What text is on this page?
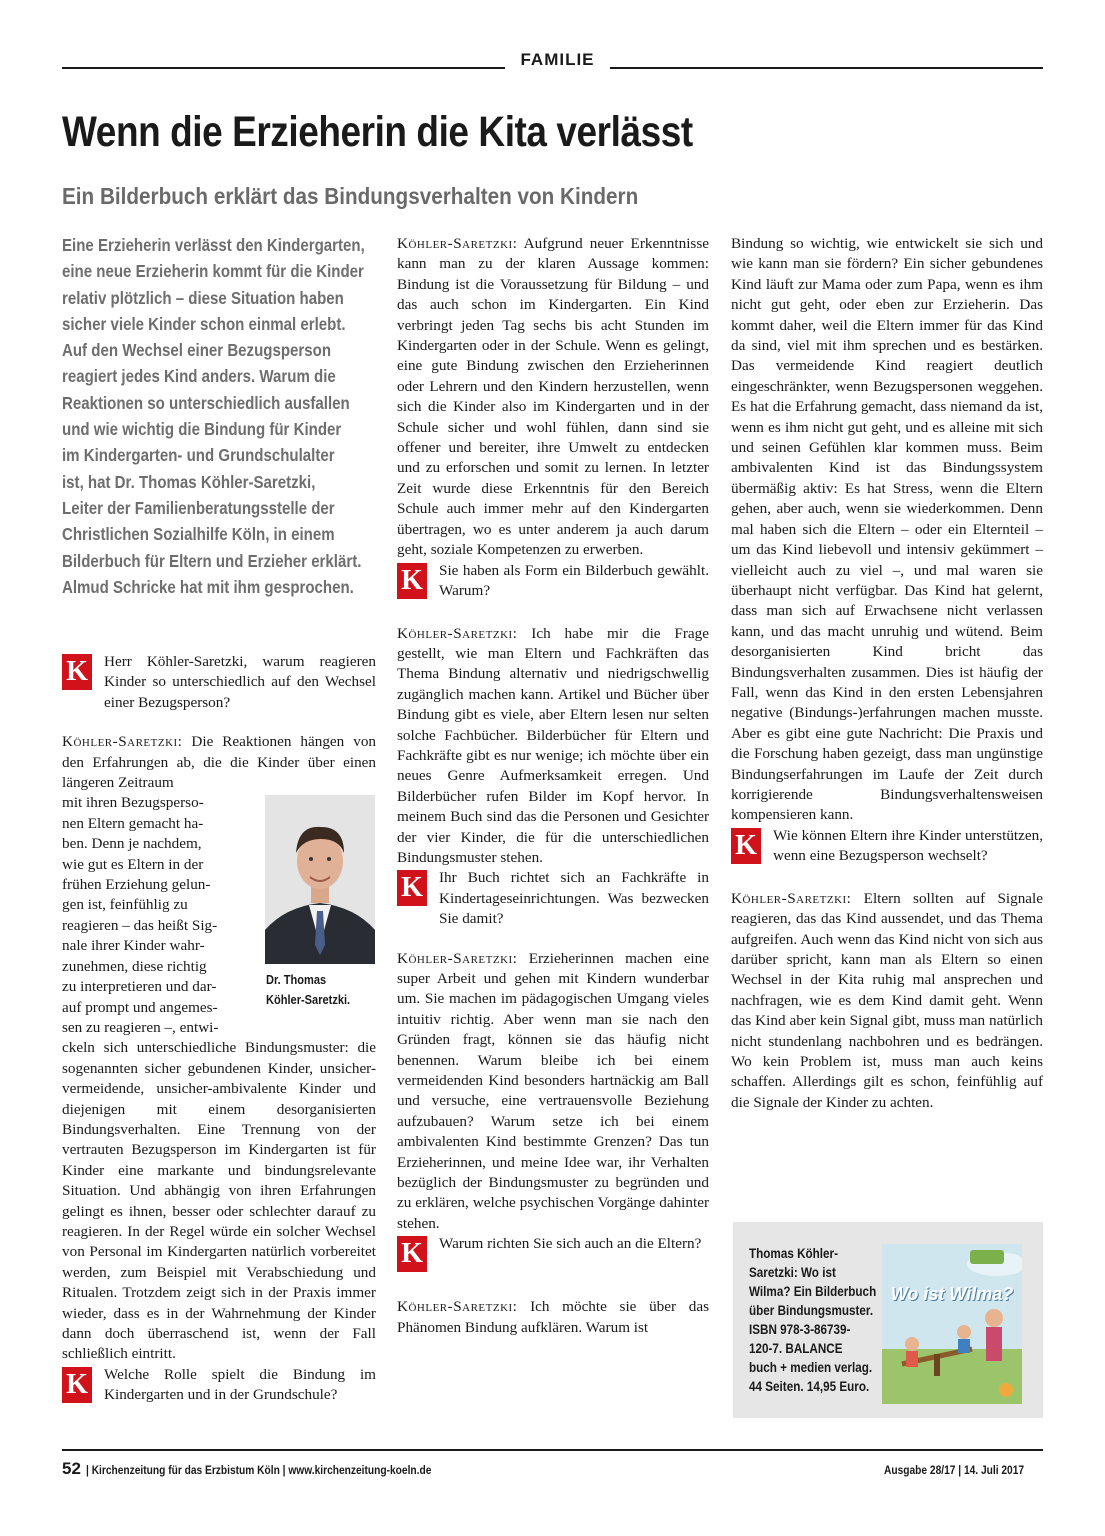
FAMILIE
Wenn die Erzieherin die Kita verlässt
Ein Bilderbuch erklärt das Bindungsverhalten von Kindern

Eine Erzieherin verlässt den Kindergarten,

eine neue Erzieherin kommt für die Kinder

relativ plötzlich – diese Situation haben

sicher viele Kinder schon einmal erlebt.

Auf den Wechsel einer Bezugsperson

reagiert jedes Kind anders. Warum die

Reaktionen so unterschiedlich ausfallen

und wie wichtig die Bindung für Kinder

im Kindergarten- und Grundschulalter

ist, hat Dr. Thomas Köhler-Saretzki,

Leiter der Familienberatungsstelle der

Christlichen Sozialhilfe Köln, in einem

Bilderbuch für Eltern und Erzieher erklärt.

Almud Schricke hat mit ihm gesprochen.

K Herr Köhler-Saretzki, warum reagieren Kinder so unterschiedlich auf den Wechsel einer Bezugsperson?

Köhler-Saretzki: Die Reaktionen hängen von den Erfahrungen ab, die die Kinder über einen längeren Zeitraum

mit ihren Bezugsperso-

nen Eltern gemacht ha-

ben. Denn je nachdem,

wie gut es Eltern in der

frühen Erziehung gelun-

gen ist, feinfühlig zu

reagieren – das heißt Sig-

nale ihrer Kinder wahr-

zunehmen, diese richtig

zu interpretieren und dar-

auf prompt und angemes-

sen zu reagieren –, entwi-

ckeln sich unterschiedliche Bindungsmuster: die sogenannten sicher gebundenen Kinder, unsicher-vermeidende, unsicher-ambivalente Kinder und diejenigen mit einem desorganisierten Bindungsverhalten. Eine Trennung von der vertrauten Bezugsperson im Kindergarten ist für Kinder eine markante und bindungsrelevante Situation. Und abhängig von ihren Erfahrungen gelingt es ihnen, besser oder schlechter darauf zu reagieren. In der Regel würde ein solcher Wechsel von Personal im Kindergarten natürlich vorbereitet werden, zum Beispiel mit Verabschiedung und Ritualen. Trotzdem zeigt sich in der Praxis immer wieder, dass es in der Wahrnehmung der Kinder dann doch überraschend ist, wenn der Fall schließlich eintritt.

K Welche Rolle spielt die Bindung im Kindergarten und in der Grundschule?
Dr. Thomas
Köhler-Saretzki.

Köhler-Saretzki: Aufgrund neuer Erkenntnisse kann man zu der klaren Aussage kommen: Bindung ist die Voraussetzung für Bildung – und das auch schon im Kindergarten. Ein Kind verbringt jeden Tag sechs bis acht Stunden im Kindergarten oder in der Schule. Wenn es gelingt, eine gute Bindung zwischen den Erzieherinnen oder Lehrern und den Kindern herzustellen, wenn sich die Kinder also im Kindergarten und in der Schule sicher und wohl fühlen, dann sind sie offener und bereiter, ihre Umwelt zu entdecken und zu erforschen und somit zu lernen. In letzter Zeit wurde diese Erkenntnis für den Bereich Schule auch immer mehr auf den Kindergarten übertragen, wo es unter anderem ja auch darum geht, soziale Kompetenzen zu erwerben.

K Sie haben als Form ein Bilderbuch gewählt. Warum?

Köhler-Saretzki: Ich habe mir die Frage gestellt, wie man Eltern und Fachkräften das Thema Bindung alternativ und niedrigschwellig zugänglich machen kann. Artikel und Bücher über Bindung gibt es viele, aber Eltern lesen nur selten solche Fachbücher. Bilderbücher für Eltern und Fachkräfte gibt es nur wenige; ich möchte über ein neues Genre Aufmerksamkeit erregen. Und Bilderbücher rufen Bilder im Kopf hervor. In meinem Buch sind das die Personen und Gesichter der vier Kinder, die für die unterschiedlichen Bindungsmuster stehen.

K Ihr Buch richtet sich an Fachkräfte in Kindertageseinrichtungen. Was bezwecken Sie damit?

Köhler-Saretzki: Erzieherinnen machen eine super Arbeit und gehen mit Kindern wunderbar um. Sie machen im pädagogischen Umgang vieles intuitiv richtig. Aber wenn man sie nach den Gründen fragt, können sie das häufig nicht benennen. Warum bleibe ich bei einem vermeidenden Kind besonders hartnäckig am Ball und versuche, eine vertrauensvolle Beziehung aufzubauen? Warum setze ich bei einem ambivalenten Kind bestimmte Grenzen? Das tun Erzieherinnen, und meine Idee war, ihr Verhalten bezüglich der Bindungsmuster zu begründen und zu erklären, welche psychischen Vorgänge dahinter stehen.

K Warum richten Sie sich auch an die Eltern?

Köhler-Saretzki: Ich möchte sie über das Phänomen Bindung aufklären. Warum ist

Bindung so wichtig, wie entwickelt sie sich und wie kann man sie fördern? Ein sicher gebundenes Kind läuft zur Mama oder zum Papa, wenn es ihm nicht gut geht, oder eben zur Erzieherin. Das kommt daher, weil die Eltern immer für das Kind da sind, viel mit ihm sprechen und es bestärken. Das vermeidende Kind reagiert deutlich eingeschränkter, wenn Bezugspersonen weggehen. Es hat die Erfahrung gemacht, dass niemand da ist, wenn es ihm nicht gut geht, und es alleine mit sich und seinen Gefühlen klar kommen muss. Beim ambivalenten Kind ist das Bindungssystem übermäßig aktiv: Es hat Stress, wenn die Eltern gehen, aber auch, wenn sie wiederkommen. Denn mal haben sich die Eltern – oder ein Elternteil – um das Kind liebevoll und intensiv gekümmert – vielleicht auch zu viel –, und mal waren sie überhaupt nicht verfügbar. Das Kind hat gelernt, dass man sich auf Erwachsene nicht verlassen kann, und das macht unruhig und wütend. Beim desorganisierten Kind bricht das Bindungsverhalten zusammen. Dies ist häufig der Fall, wenn das Kind in den ersten Lebensjahren negative (Bindungs-)erfahrungen machen musste. Aber es gibt eine gute Nachricht: Die Praxis und die Forschung haben gezeigt, dass man ungünstige Bindungserfahrungen im Laufe der Zeit durch korrigierende Bindungsverhaltensweisen kompensieren kann.

K Wie können Eltern ihre Kinder unterstützen, wenn eine Bezugsperson wechselt?

Köhler-Saretzki: Eltern sollten auf Signale reagieren, das das Kind aussendet, und das Thema aufgreifen. Auch wenn das Kind nicht von sich aus darüber spricht, kann man als Eltern so einen Wechsel in der Kita ruhig mal ansprechen und nachfragen, wie es dem Kind damit geht. Wenn das Kind aber kein Signal gibt, muss man natürlich nicht stundenlang nachbohren und es bedrängen. Wo kein Problem ist, muss man auch keins schaffen. Allerdings gilt es schon, feinfühlig auf die Signale der Kinder zu achten.

Thomas Köhler-
Saretzki: Wo ist
Wilma? Ein Bilderbuch
über Bindungsmuster.
ISBN 978-3-86739-
120-7. BALANCE
buch + medien verlag.
44 Seiten. 14,95 Euro.
Wo ist Wilma?
52 | Kirchenzeitung für das Erzbistum Köln | www.kirchenzeitung-koeln.de	Ausgabe 28/17 | 14. Juli 2017
